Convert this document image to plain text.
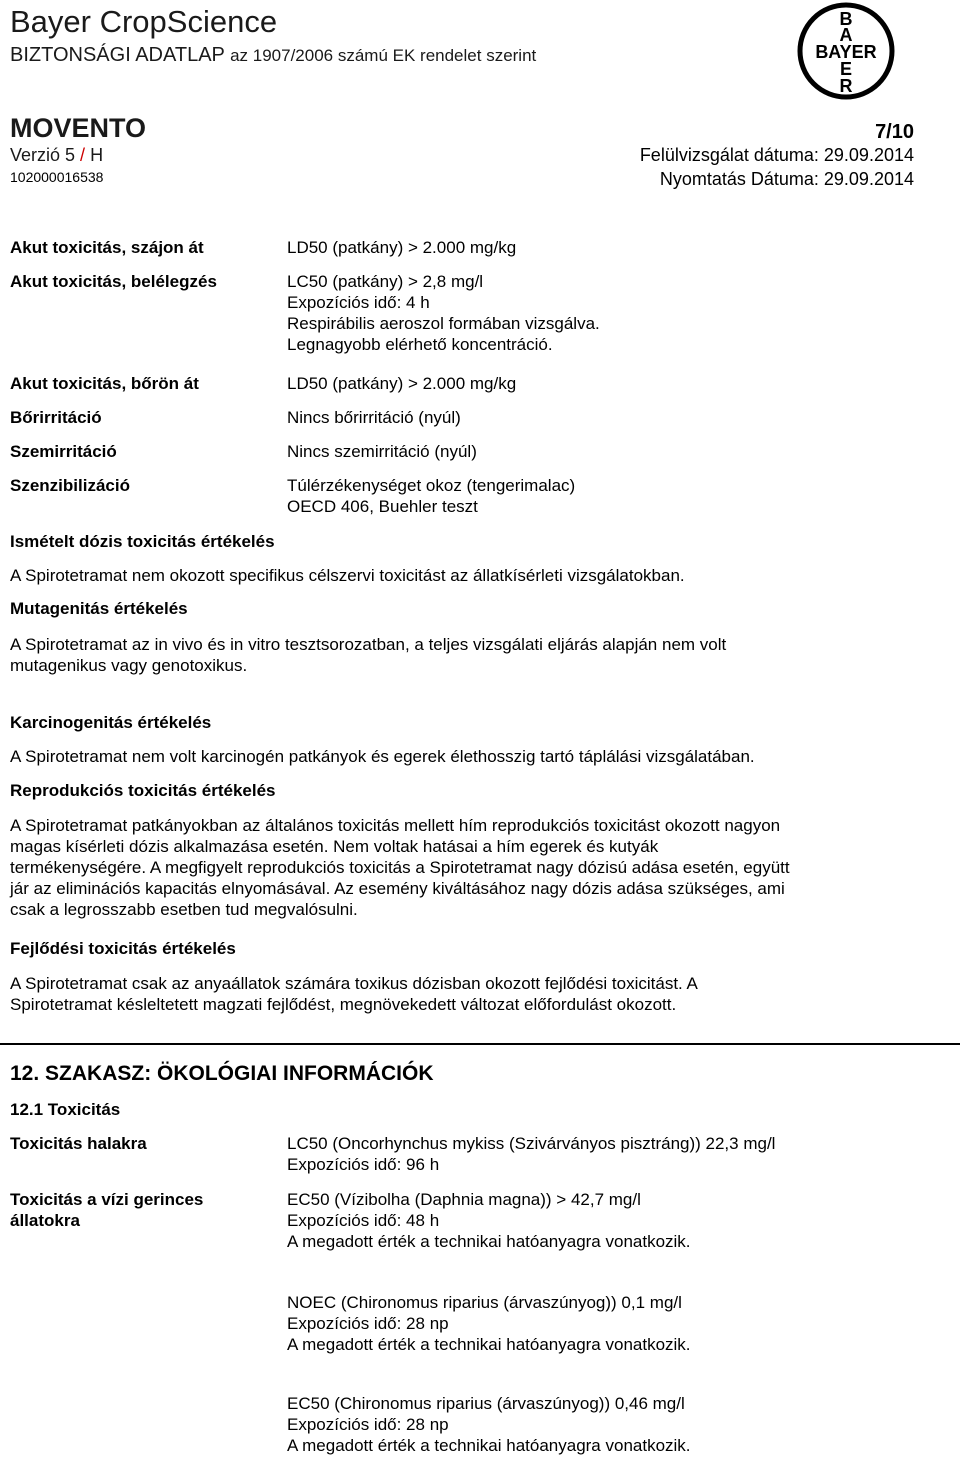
Bayer CropScience
BIZTONSÁGI ADATLAP az 1907/2006 számú EK rendelet szerint
B
A
BAYER
E
R
MOVENTO	7/10
Verzió 5 / H
102000016538
Felülvizsgálat dátuma: 29.09.2014
Nyomtatás Dátuma: 29.09.2014
Akut toxicitás, szájon át	LD50 (patkány) > 2.000 mg/kg
Akut toxicitás, belélegzés	LC50 (patkány) > 2,8 mg/l
Expozíciós idő: 4 h
Respirábilis aeroszol formában vizsgálva.
Legnagyobb elérhető koncentráció.
Akut toxicitás, bőrön át	LD50 (patkány) > 2.000 mg/kg
Bőrirritáció	Nincs bőrirritáció (nyúl)
Szemirritáció	Nincs szemirritáció (nyúl)
Szenzibilizáció	Túlérzékenységet okoz (tengerimalac)
OECD 406, Buehler teszt
Ismételt dózis toxicitás értékelés
A Spirotetramat nem okozott specifikus célszervi toxicitást az állatkísérleti vizsgálatokban.
Mutagenitás értékelés
A Spirotetramat az in vivo és in vitro tesztsorozatban, a teljes vizsgálati eljárás alapján nem volt
mutagenikus vagy genotoxikus.
Karcinogenitás értékelés
A Spirotetramat nem volt karcinogén patkányok és egerek élethosszig tartó táplálási vizsgálatában.
Reprodukciós toxicitás értékelés
A Spirotetramat patkányokban az általános toxicitás mellett hím reprodukciós toxicitást okozott nagyon
magas kísérleti dózis alkalmazása esetén. Nem voltak hatásai a hím egerek és kutyák
termékenységére. A megfigyelt reprodukciós toxicitás a Spirotetramat nagy dózisú adása esetén, együtt
jár az eliminációs kapacitás elnyomásával. Az esemény kiváltásához nagy dózis adása szükséges, ami
csak a legrosszabb esetben tud megvalósulni.
Fejlődési toxicitás értékelés
A Spirotetramat csak az anyaállatok számára toxikus dózisban okozott fejlődési toxicitást. A
Spirotetramat késleltetett magzati fejlődést, megnövekedett változat előfordulást okozott.
12. SZAKASZ: ÖKOLÓGIAI INFORMÁCIÓK
12.1 Toxicitás
Toxicitás halakra	LC50 (Oncorhynchus mykiss (Szivárványos pisztráng)) 22,3 mg/l
Expozíciós idő: 96 h
Toxicitás a vízi gerinces
állatokra
EC50 (Vízibolha (Daphnia magna)) > 42,7 mg/l
Expozíciós idő: 48 h
A megadott érték a technikai hatóanyagra vonatkozik.
NOEC (Chironomus riparius (árvaszúnyog)) 0,1 mg/l
Expozíciós idő: 28 np
A megadott érték a technikai hatóanyagra vonatkozik.
EC50 (Chironomus riparius (árvaszúnyog)) 0,46 mg/l
Expozíciós idő: 28 np
A megadott érték a technikai hatóanyagra vonatkozik.
